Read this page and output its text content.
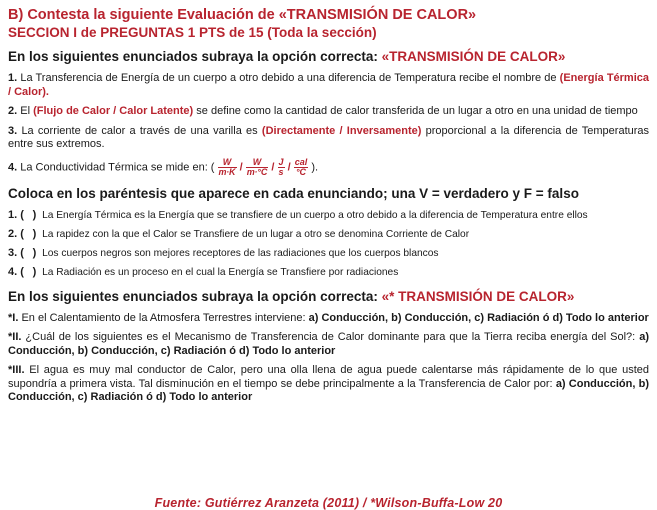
B) Contesta la siguiente Evaluación de «TRANSMISIÓN DE CALOR»

SECCION I de PREGUNTAS 1 PTS de 15 (Toda la sección)

En los siguientes enunciados subraya la opción correcta: «TRANSMISIÓN DE CALOR»

1. La Transferencia de Energía de un cuerpo a otro debido a una diferencia de Temperatura recibe el nombre de (Energía Térmica / Calor).

2. El (Flujo de Calor / Calor Latente) se define como la cantidad de calor transferida de un lugar a otro en una unidad de tiempo

3. La corriente de calor a través de una varilla es (Directamente / Inversamente) proporcional a la diferencia de Temperaturas entre sus extremos.

4. La Conductividad Térmica se mide en: ( $\frac{W}{m\cdot K} / \frac{W}{m\cdot^\circ C} / \frac{J}{s} / \frac{\text{cal}}{^\circ C}$ ).

Coloca en los paréntesis que aparece en cada enunciando; una V = verdadero y F = falso

1. ( ) La Energía Térmica es la Energía que se transfiere de un cuerpo a otro debido a la diferencia de Temperatura entre ellos

2. ( ) La rapidez con la que el Calor se Transfiere de un lugar a otro se denomina Corriente de Calor

3. ( ) Los cuerpos negros son mejores receptores de las radiaciones que los cuerpos blancos

4. ( ) La Radiación es un proceso en el cual la Energía se Transfiere por radiaciones

En los siguientes enunciados subraya la opción correcta: «* TRANSMISIÓN DE CALOR»

*I. En el Calentamiento de la Atmosfera Terrestres interviene: a) Conducción, b) Conducción, c) Radiación ó d) Todo lo anterior

*II. ¿Cuál de los siguientes es el Mecanismo de Transferencia de Calor dominante para que la Tierra reciba energía del Sol?: a) Conducción, b) Conducción, c) Radiación ó d) Todo lo anterior

*III. El agua es muy mal conductor de Calor, pero una olla llena de agua puede calentarse más rápidamente de lo que usted supondría a primera vista. Tal disminución en el tiempo se debe principalmente a la Transferencia de Calor por: a) Conducción, b) Conducción, c) Radiación ó d) Todo lo anterior

Fuente: Gutiérrez Aranzeta (2011) / *Wilson-Buffa-Low 20
